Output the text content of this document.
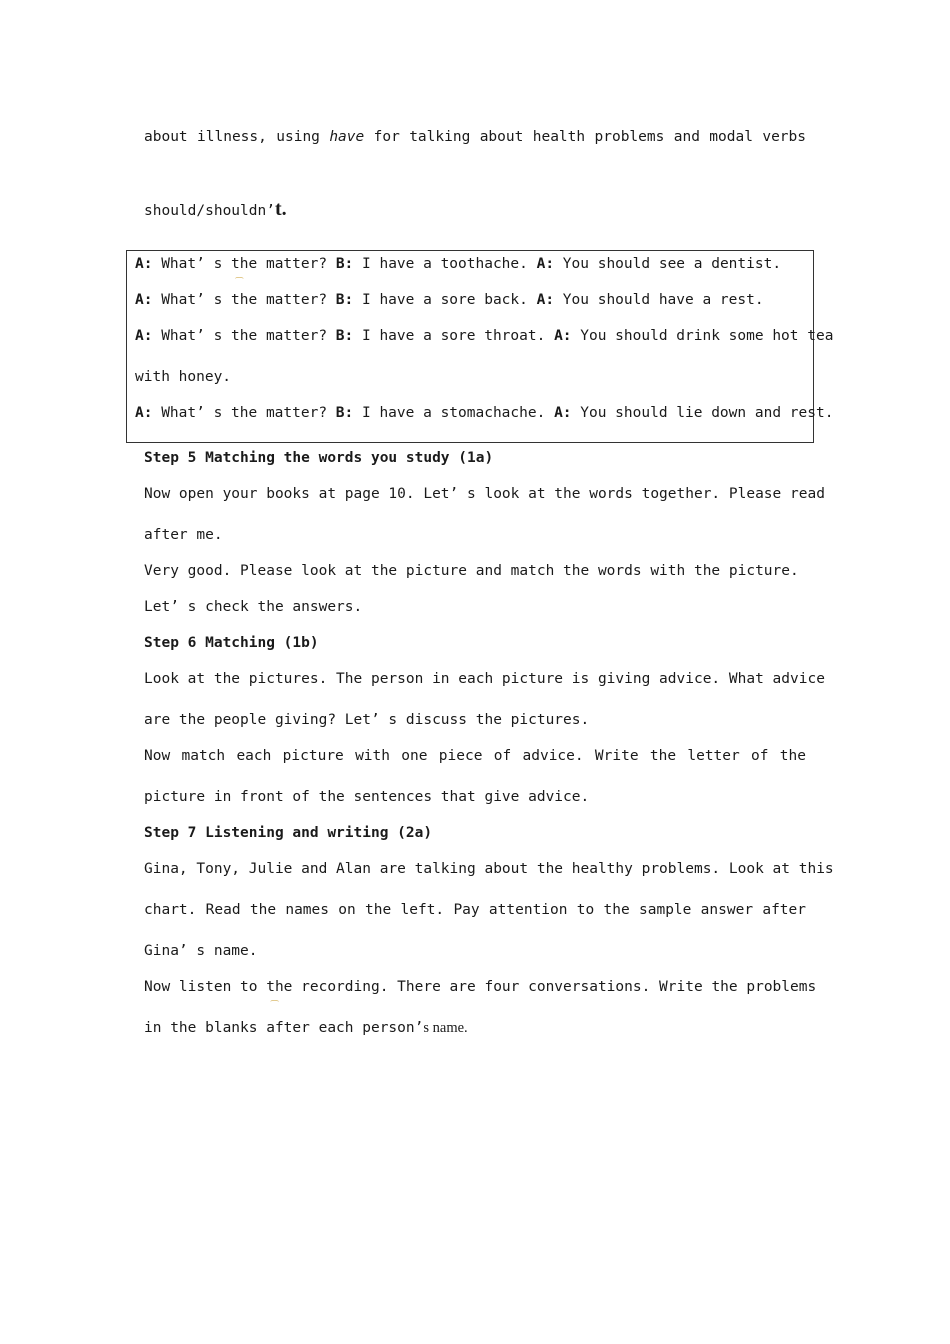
about illness, using have for talking about health problems and modal verbs
should/shouldn’t.
A: What’ s t
⁀
he matter? B: I have a toothache. A: You should see a dentist.
A: What’ s the matter? B: I have a sore back. A: You should have a rest.
A: What’ s the matter? B: I have a sore throat. A: You should drink some hot tea
with honey.
A: What’ s the matter? B: I have a stomachache. A: You should lie down and rest.
Step 5 Matching the words you study (1a)
Now open your books at page 10. Let’ s look at the words together. Please read
after me.
Very good. Please look at the picture and match the words with the picture.
Let’ s check the answers.
Step 6 Matching (1b)
Look at the pictures. The person in each picture is giving advice. What advice
are the people giving? Let’ s discuss the pictures.
Now match each picture with one piece of advice. Write the letter of the
picture in front of the sentences that give advice.
Step 7 Listening and writing (2a)
Gina, Tony, Julie and Alan are talking about the healthy problems. Look at this
chart. Read the names on the left. Pay attention to the sample answer after
Gina’ s name.
Now listen to t
⁀
he recording. There are four conversations. Write the problems
in the blanks after each person’s name.
